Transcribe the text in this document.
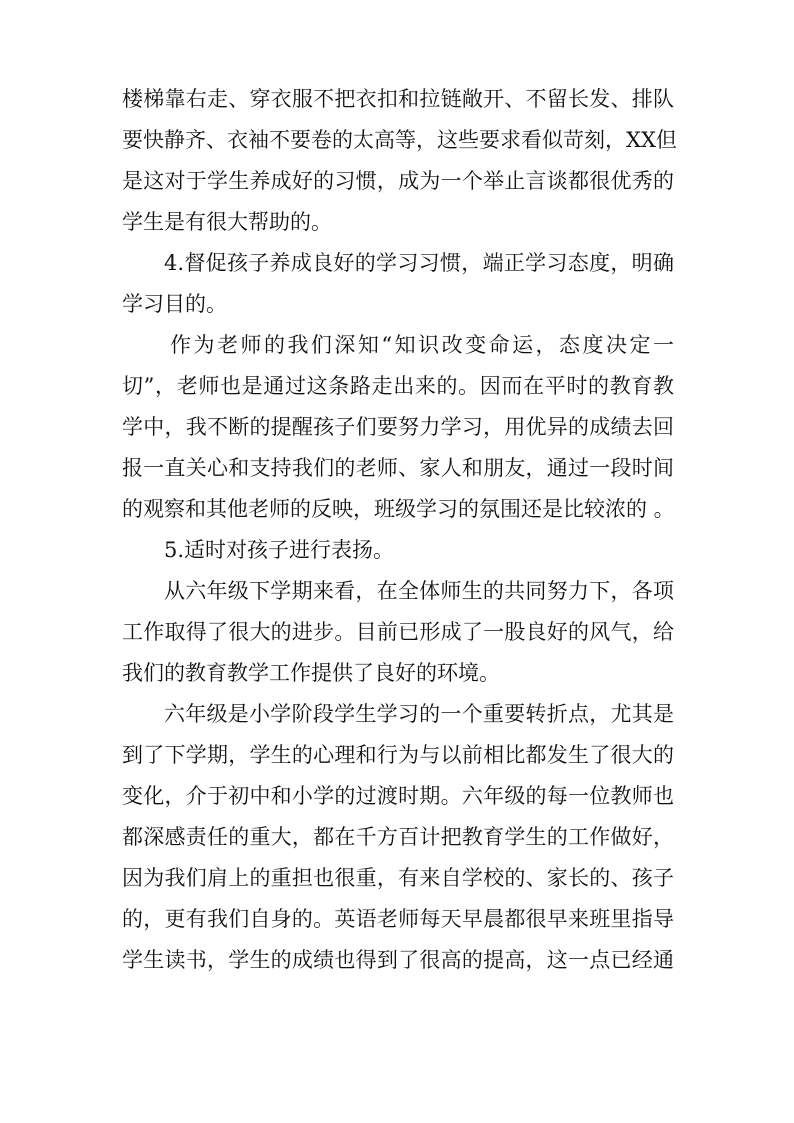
楼梯靠右走、穿衣服不把衣扣和拉链敞开、不留长发、排队
要快静齐、衣袖不要卷的太高等，这些要求看似苛刻，XX但
是这对于学生养成好的习惯，成为一个举止言谈都很优秀的
学生是有很大帮助的。
4.督促孩子养成良好的学习习惯，端正学习态度，明确
学习目的。
作为老师的我们深知“知识改变命运，态度决定一
切”，老师也是通过这条路走出来的。因而在平时的教育教
学中，我不断的提醒孩子们要努力学习，用优异的成绩去回
报一直关心和支持我们的老师、家人和朋友，通过一段时间
的观察和其他老师的反映，班级学习的氛围还是比较浓的 。
5.适时对孩子进行表扬。
从六年级下学期来看，在全体师生的共同努力下，各项
工作取得了很大的进步。目前已形成了一股良好的风气，给
我们的教育教学工作提供了良好的环境。
六年级是小学阶段学生学习的一个重要转折点，尤其是
到了下学期，学生的心理和行为与以前相比都发生了很大的
变化，介于初中和小学的过渡时期。六年级的每一位教师也
都深感责任的重大，都在千方百计把教育学生的工作做好，
因为我们肩上的重担也很重，有来自学校的、家长的、孩子
的，更有我们自身的。英语老师每天早晨都很早来班里指导
学生读书，学生的成绩也得到了很高的提高，这一点已经通
